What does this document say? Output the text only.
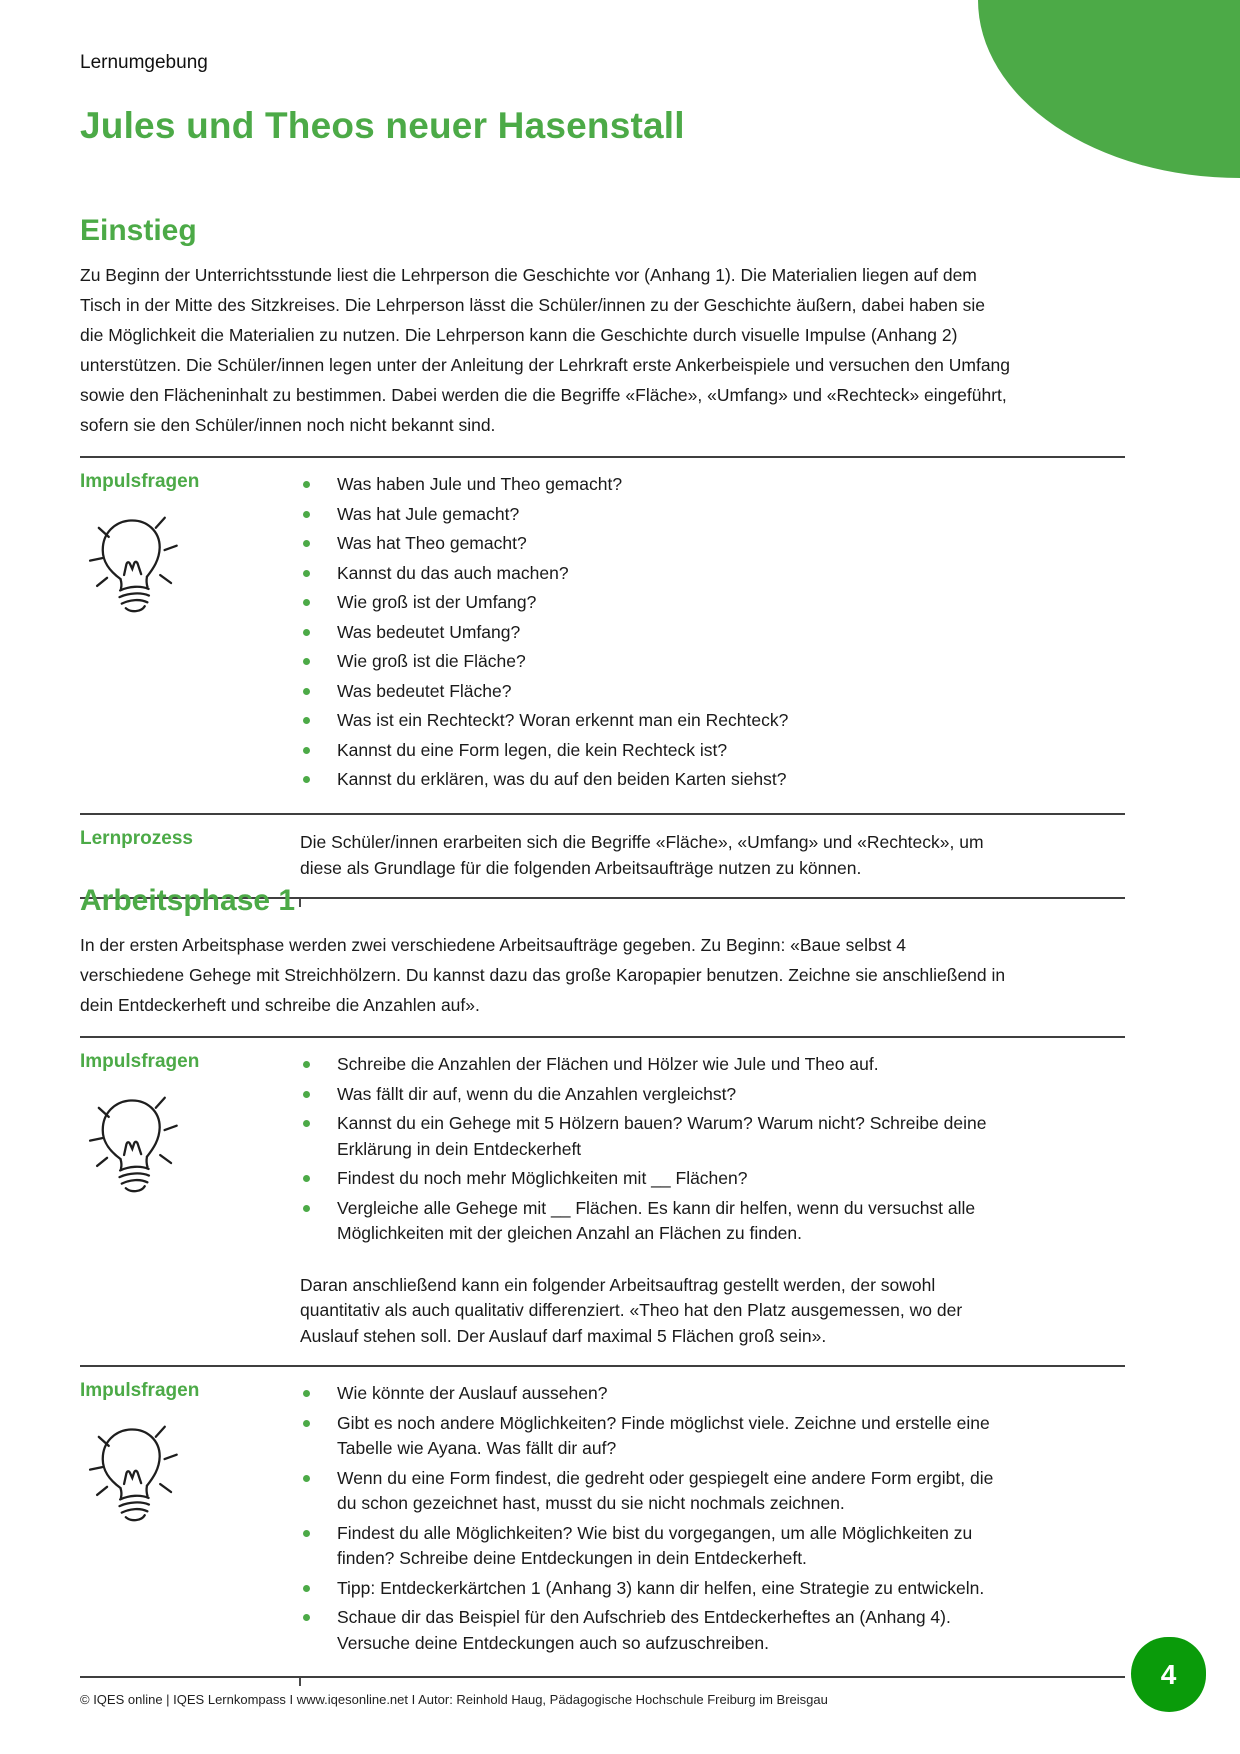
Lernumgebung
Jules und Theos neuer Hasenstall
Einstieg

Zu Beginn der Unterrichtsstunde liest die Lehrperson die Geschichte vor (Anhang 1). Die Materialien liegen auf dem Tisch in der Mitte des Sitzkreises. Die Lehrperson lässt die Schüler/innen zu der Geschichte äußern, dabei haben sie die Möglichkeit die Materialien zu nutzen. Die Lehrperson kann die Geschichte durch visuelle Impulse (Anhang 2) unterstützen. Die Schüler/innen legen unter der Anleitung der Lehrkraft erste Ankerbeispiele und versuchen den Umfang sowie den Flächeninhalt zu bestimmen. Dabei werden die die Begriffe «Fläche», «Umfang» und «Rechteck» eingeführt, sofern sie den Schüler/innen noch nicht bekannt sind.

Impulsfragen	Was haben Jule und Theo gemacht?
Was hat Jule gemacht?
Was hat Theo gemacht?
Kannst du das auch machen?
Wie groß ist der Umfang?
Was bedeutet Umfang?
Wie groß ist die Fläche?
Was bedeutet Fläche?
Was ist ein Rechteckt? Woran erkennt man ein Rechteck?
Kannst du eine Form legen, die kein Rechteck ist?
Kannst du erklären, was du auf den beiden Karten siehst?
Lernprozess	Die Schüler/innen erarbeiten sich die Begriffe «Fläche», «Umfang» und «Rechteck», um diese als Grundlage für die folgenden Arbeitsaufträge nutzen zu können.

Arbeitsphase 1

In der ersten Arbeitsphase werden zwei verschiedene Arbeitsaufträge gegeben. Zu Beginn: «Baue selbst 4 verschiedene Gehege mit Streichhölzern. Du kannst dazu das große Karopapier benutzen. Zeichne sie anschließend in dein Entdeckerheft und schreibe die Anzahlen auf».

Impulsfragen	Schreibe die Anzahlen der Flächen und Hölzer wie Jule und Theo auf.
Was fällt dir auf, wenn du die Anzahlen vergleichst?
Kannst du ein Gehege mit 5 Hölzern bauen? Warum? Warum nicht? Schreibe deine Erklärung in dein Entdeckerheft
Findest du noch mehr Möglichkeiten mit __ Flächen?
Vergleiche alle Gehege mit __ Flächen. Es kann dir helfen, wenn du versuchst alle Möglichkeiten mit der gleichen Anzahl an Flächen zu finden.

Daran anschließend kann ein folgender Arbeitsauftrag gestellt werden, der sowohl quantitativ als auch qualitativ differenziert. «Theo hat den Platz ausgemessen, wo der Auslauf stehen soll. Der Auslauf darf maximal 5 Flächen groß sein».

Impulsfragen	Wie könnte der Auslauf aussehen?
Gibt es noch andere Möglichkeiten? Finde möglichst viele. Zeichne und erstelle eine Tabelle wie Ayana. Was fällt dir auf?
Wenn du eine Form findest, die gedreht oder gespiegelt eine andere Form ergibt, die du schon gezeichnet hast, musst du sie nicht nochmals zeichnen.
Findest du alle Möglichkeiten? Wie bist du vorgegangen, um alle Möglichkeiten zu finden? Schreibe deine Entdeckungen in dein Entdeckerheft.
Tipp: Entdeckerkärtchen 1 (Anhang 3) kann dir helfen, eine Strategie zu entwickeln.
Schaue dir das Beispiel für den Aufschrieb des Entdeckerheftes an (Anhang 4). Versuche deine Entdeckungen auch so aufzuschreiben.
© IQES online | IQES Lernkompass I www.iqesonline.net I Autor: Reinhold Haug, Pädagogische Hochschule Freiburg im Breisgau
4
